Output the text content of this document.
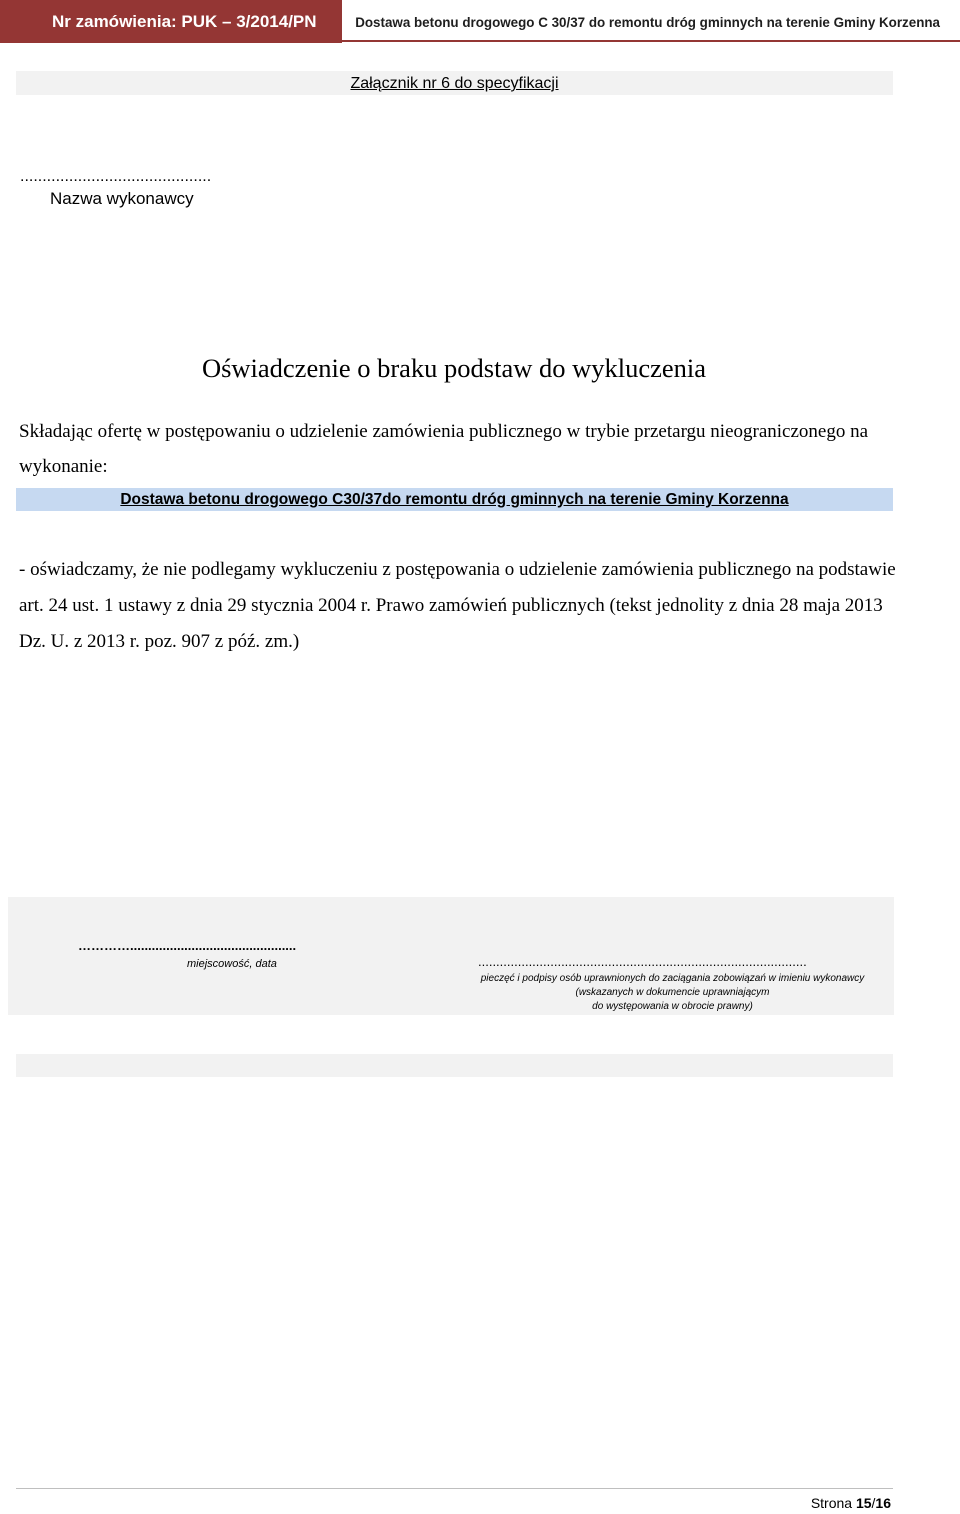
Nr zamówienia: PUK – 3/2014/PN	Dostawa betonu drogowego C 30/37 do remontu dróg gminnych na terenie Gminy Korzenna
Załącznik nr 6 do specyfikacji
...........................................
Nazwa wykonawcy
Oświadczenie o braku podstaw do wykluczenia
Składając ofertę w postępowaniu o udzielenie zamówienia publicznego w trybie przetargu nieograniczonego na wykonanie:
Dostawa betonu drogowego C30/37do remontu dróg gminnych na terenie Gminy Korzenna
- oświadczamy, że nie podlegamy wykluczeniu z postępowania o udzielenie zamówienia publicznego na podstawie art. 24 ust. 1 ustawy z dnia 29 stycznia 2004 r. Prawo zamówień publicznych (tekst jednolity z dnia 28 maja 2013 Dz. U. z 2013 r. poz. 907 z póź. zm.)
…………..............................................
miejscowość, data	...........................................................................................
pieczęć i podpisy osób uprawnionych do zaciągania zobowiązań w imieniu wykonawcy
(wskazanych w dokumencie uprawniającym
do występowania w obrocie prawny)
Strona 15/16
